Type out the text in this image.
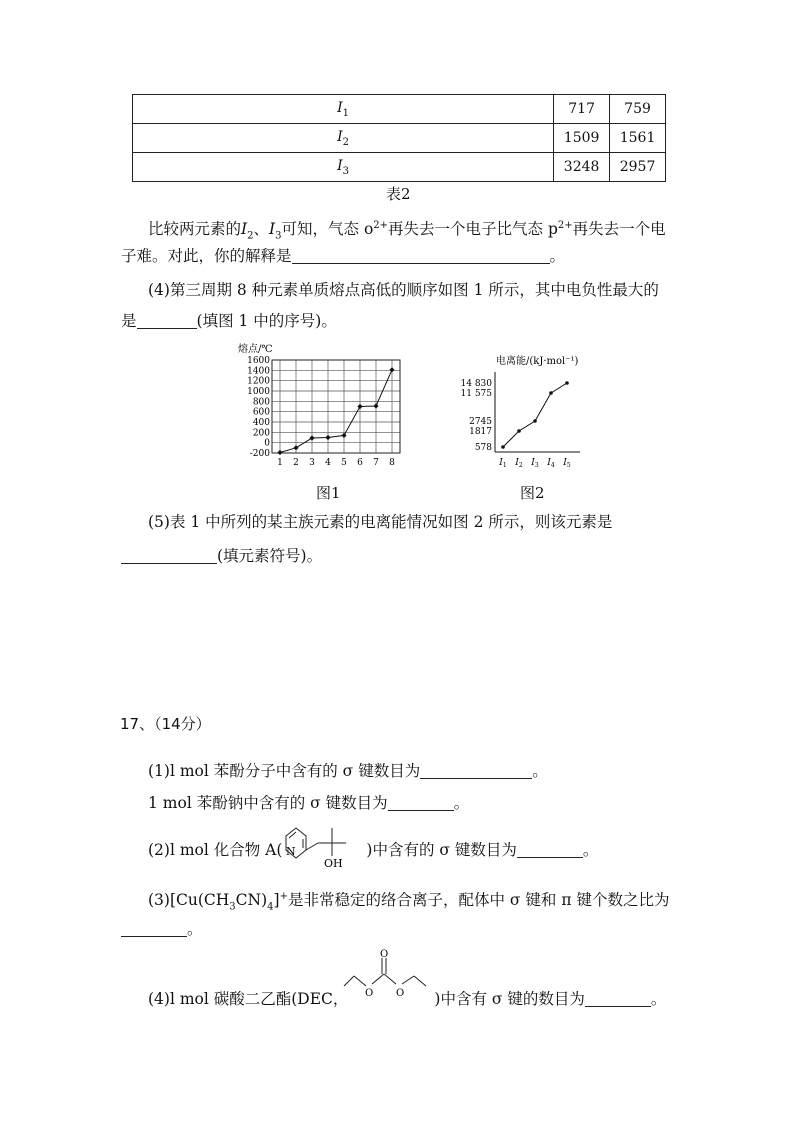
$I_1$	717	759
$I_2$	1509	1561
$I_3$	3248	2957
表2
比较两元素的$I_2$、$I_3$可知，气态 $o^{2+}$再失去一个电子比气态 $p^{2+}$再失去一个电
子难。对此，你的解释是	。
(4)第三周期 8 种元素单质熔点高低的顺序如图 1 所示，其中电负性最大的
是	(填图 1 中的序号)。
熔点/℃
-200
0
200
400
600
800
1000
1200
1400
1600
1 2 3 4 5 6 7 8
图1
电离能/(kJ·mol⁻¹)
578
1817
2745
11 575
14 830
$I_1$ $I_2$ $I_3$ $I_4$ $I_5$
图2
(5)表 1 中所列的某主族元素的电离能情况如图 2 所示，则该元素是
(填元素符号)。
17、（14分）
(1)l mol 苯酚分子中含有的 σ 键数目为	。
1 mol 苯酚钠中含有的 σ 键数目为	。
(2)l mol 化合物 A(	)中含有的 σ 键数目为	。
N
OH
$(3)[Cu(CH_3CN)_4]^+$是非常稳定的络合离子，配体中 σ 键和 π 键个数之比为
。
(4)l mol 碳酸二乙酯(DEC，	)中含有 σ 键的数目为	。
O
O O
